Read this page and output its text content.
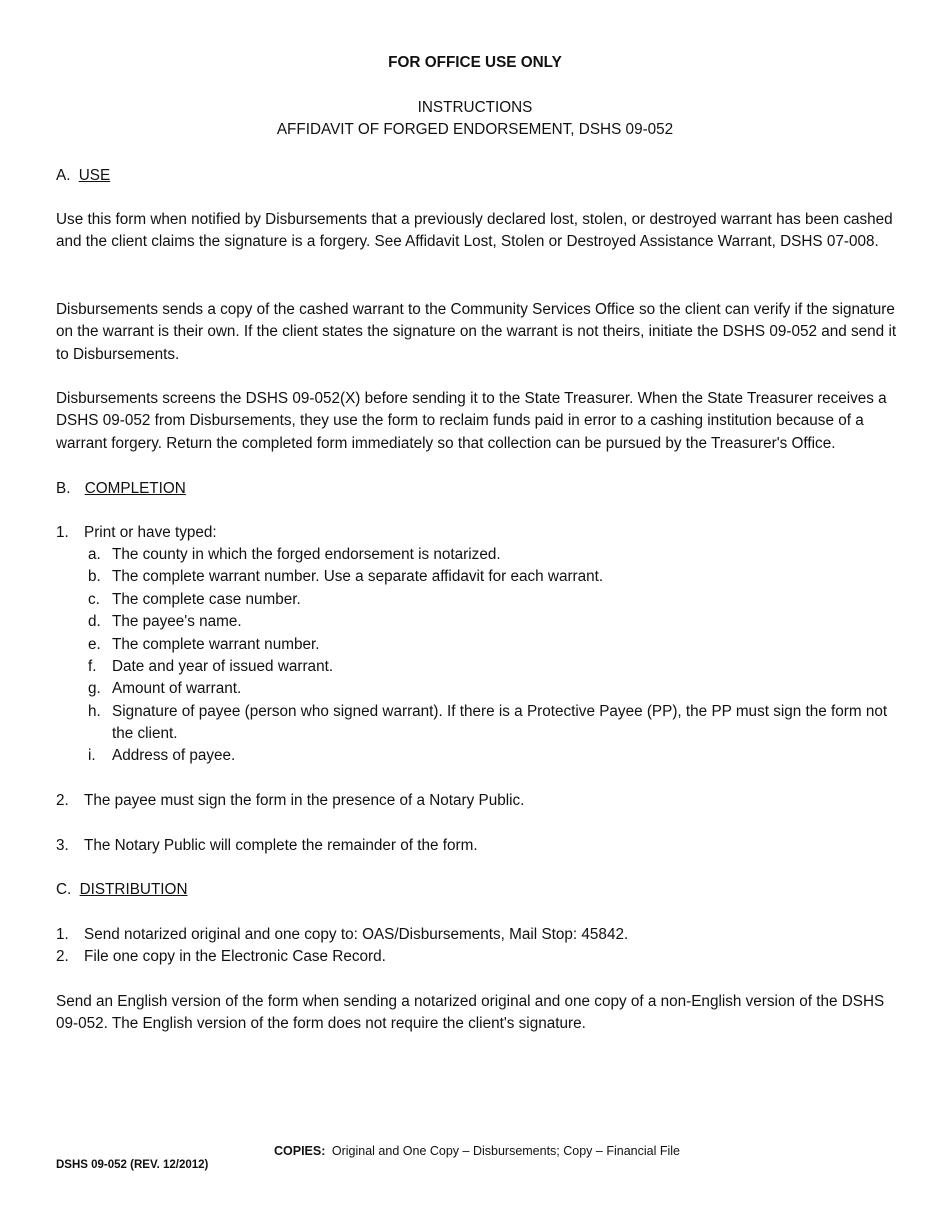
FOR OFFICE USE ONLY
INSTRUCTIONS
AFFIDAVIT OF FORGED ENDORSEMENT, DSHS 09-052
A. USE
Use this form when notified by Disbursements that a previously declared lost, stolen, or destroyed warrant has been cashed and the client claims the signature is a forgery. See Affidavit Lost, Stolen or Destroyed Assistance Warrant, DSHS 07-008.
Disbursements sends a copy of the cashed warrant to the Community Services Office so the client can verify if the signature on the warrant is their own. If the client states the signature on the warrant is not theirs, initiate the DSHS 09-052 and send it to Disbursements.
Disbursements screens the DSHS 09-052(X) before sending it to the State Treasurer. When the State Treasurer receives a DSHS 09-052 from Disbursements, they use the form to reclaim funds paid in error to a cashing institution because of a warrant forgery. Return the completed form immediately so that collection can be pursued by the Treasurer's Office.
B. COMPLETION
1. Print or have typed:
a. The county in which the forged endorsement is notarized.
b. The complete warrant number. Use a separate affidavit for each warrant.
c. The complete case number.
d. The payee's name.
e. The complete warrant number.
f. Date and year of issued warrant.
g. Amount of warrant.
h. Signature of payee (person who signed warrant). If there is a Protective Payee (PP), the PP must sign the form not the client.
i. Address of payee.
2. The payee must sign the form in the presence of a Notary Public.
3. The Notary Public will complete the remainder of the form.
C. DISTRIBUTION
1. Send notarized original and one copy to: OAS/Disbursements, Mail Stop: 45842.
2. File one copy in the Electronic Case Record.
Send an English version of the form when sending a notarized original and one copy of a non-English version of the DSHS 09-052. The English version of the form does not require the client's signature.
COPIES: Original and One Copy – Disbursements; Copy – Financial File
DSHS 09-052 (REV. 12/2012)
